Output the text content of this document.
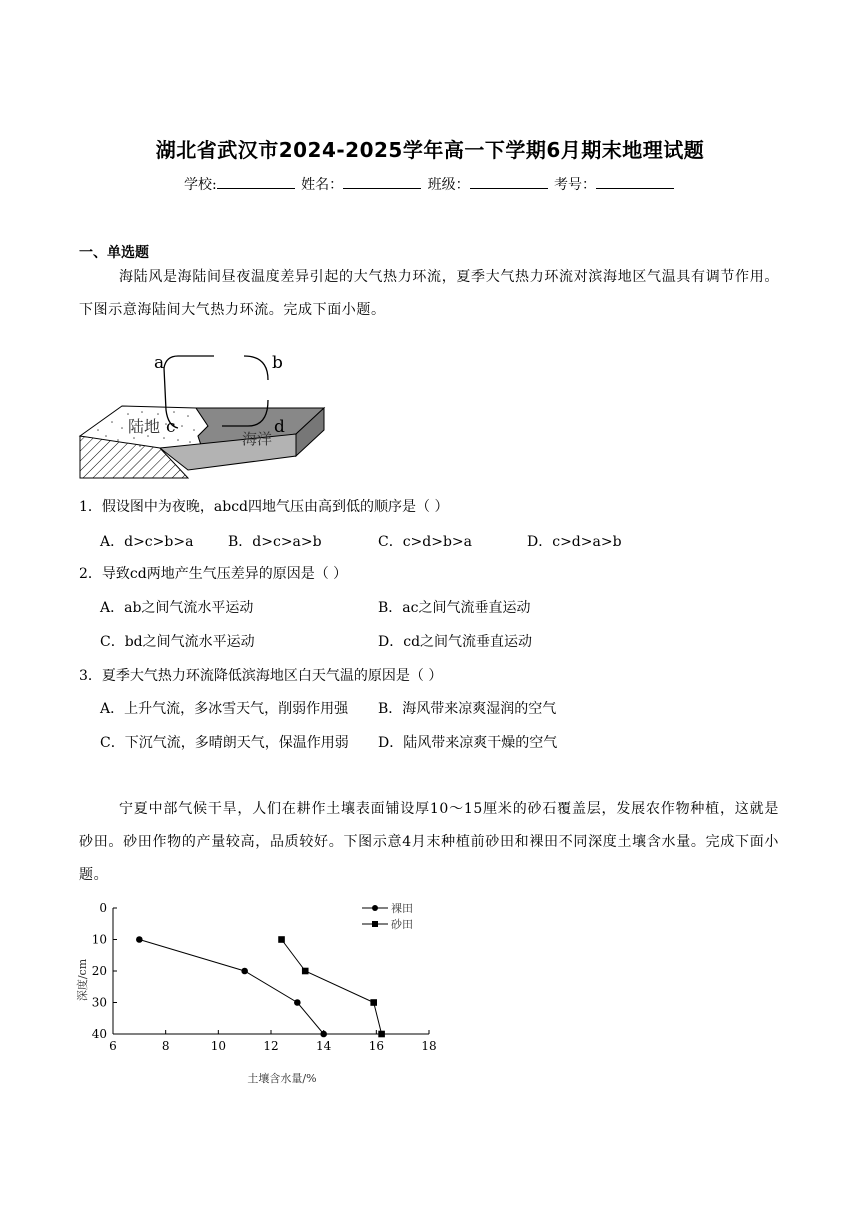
湖北省武汉市2024-2025学年高一下学期6月期末地理试题
学校:	姓名：	班级：	考号：
一、单选题
海陆风是海陆间昼夜温度差异引起的大气热力环流，夏季大气热力环流对滨海地区气温具有调节作用。下图示意海陆间大气热力环流。完成下面小题。
a	b
c	d
陆地
海洋
1．假设图中为夜晚，abcd四地气压由高到低的顺序是（ ）
A．d>c>b>a B．d>c>a>b	C．c>d>b>a	D．c>d>a>b
2．导致cd两地产生气压差异的原因是（ ）
A．ab之间气流水平运动	B．ac之间气流垂直运动
C．bd之间气流水平运动	D．cd之间气流垂直运动
3．夏季大气热力环流降低滨海地区白天气温的原因是（ ）
A．上升气流，多冰雪天气，削弱作用强 B．海风带来凉爽湿润的空气
C．下沉气流，多晴朗天气，保温作用弱 D．陆风带来凉爽干燥的空气
宁夏中部气候干旱，人们在耕作土壤表面铺设厚10～15厘米的砂石覆盖层，发展农作物种植，这就是砂田。砂田作物的产量较高，品质较好。下图示意4月末种植前砂田和裸田不同深度土壤含水量。完成下面小题。
6	8	10	12	14	16	18
0
10
20
30
40
裸田
砂田
土壤含水量/%
深度/cm
